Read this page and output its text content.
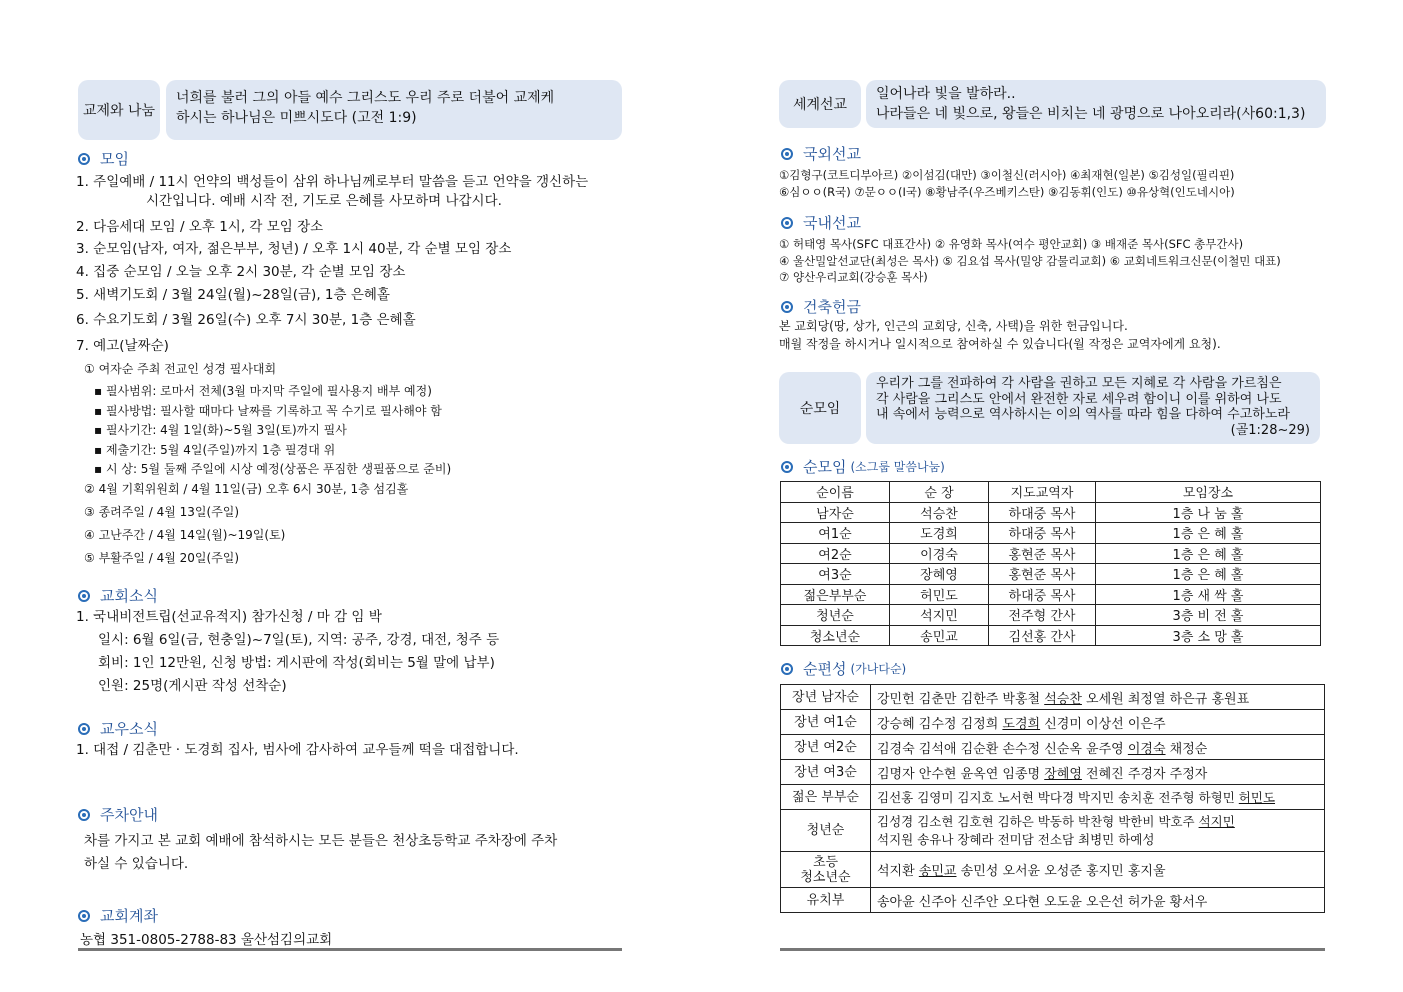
교제와 나눔
너희를 불러 그의 아들 예수 그리스도 우리 주로 더불어 교제케
하시는 하나님은 미쁘시도다 (고전 1:9)
모임
1. 주일예배 / 11시 언약의 백성들이 삼위 하나님께로부터 말씀을 듣고 언약을 갱신하는
시간입니다. 예배 시작 전, 기도로 은혜를 사모하며 나갑시다.
2. 다음세대 모임 / 오후 1시, 각 모임 장소
3. 순모임(남자, 여자, 젊은부부, 청년) / 오후 1시 40분, 각 순별 모임 장소
4. 집중 순모임 / 오늘 오후 2시 30분, 각 순별 모임 장소
5. 새벽기도회 / 3월 24일(월)~28일(금), 1층 은혜홀
6. 수요기도회 / 3월 26일(수) 오후 7시 30분, 1층 은혜홀
7. 예고(날짜순)
① 여자순 주최 전교인 성경 필사대회
▪ 필사범위: 로마서 전체(3월 마지막 주일에 필사용지 배부 예정)
▪ 필사방법: 필사할 때마다 날짜를 기록하고 꼭 수기로 필사해야 함
▪ 필사기간: 4월 1일(화)~5월 3일(토)까지 필사
▪ 제출기간: 5월 4일(주일)까지 1층 필경대 위
▪ 시 상: 5월 둘째 주일에 시상 예정(상품은 푸짐한 생필품으로 준비)
② 4월 기획위원회 / 4월 11일(금) 오후 6시 30분, 1층 섬김홀
③ 종려주일 / 4월 13일(주일)
④ 고난주간 / 4월 14일(월)~19일(토)
⑤ 부활주일 / 4월 20일(주일)
교회소식
1. 국내비전트립(선교유적지) 참가신청 / 마 감 임 박
일시: 6월 6일(금, 현충일)~7일(토), 지역: 공주, 강경, 대전, 청주 등
회비: 1인 12만원, 신청 방법: 게시판에 작성(회비는 5월 말에 납부)
인원: 25명(게시판 작성 선착순)
교우소식
1. 대접 / 김춘만 · 도경희 집사, 범사에 감사하여 교우들께 떡을 대접합니다.
주차안내
차를 가지고 본 교회 예배에 참석하시는 모든 분들은 천상초등학교 주차장에 주차
하실 수 있습니다.
교회계좌
농협 351-0805-2788-83 울산섬김의교회
세계선교
일어나라 빛을 발하라..
나라들은 네 빛으로, 왕들은 비치는 네 광명으로 나아오리라(사60:1,3)
국외선교
①김형구(코트디부아르) ②이섬김(대만) ③이철신(러시아) ④최재현(일본) ⑤김성일(필리핀)
⑥심ㅇㅇ(R국) ⑦문ㅇㅇ(I국) ⑧황남주(우즈베키스탄) ⑨김동휘(인도) ⑩유상혁(인도네시아)
국내선교
① 허태영 목사(SFC 대표간사) ② 유영화 목사(여수 평안교회) ③ 배재준 목사(SFC 총무간사)
④ 울산밀알선교단(최성은 목사) ⑤ 김요섭 목사(밀양 감물리교회) ⑥ 교회네트워크신문(이철민 대표)
⑦ 양산우리교회(강승훈 목사)
건축헌금
본 교회당(땅, 상가, 인근의 교회당, 신축, 사택)을 위한 헌금입니다.
매월 작정을 하시거나 일시적으로 참여하실 수 있습니다(월 작정은 교역자에게 요청).
순모임
우리가 그를 전파하여 각 사람을 권하고 모든 지혜로 각 사람을 가르침은
각 사람을 그리스도 안에서 완전한 자로 세우려 함이니 이를 위하여 나도
내 속에서 능력으로 역사하시는 이의 역사를 따라 힘을 다하여 수고하노라
(골1:28~29)
순모임 (소그룹 말씀나눔)
순이름	순 장	지도교역자	모임장소
남자순	석승찬	하대중 목사	1층 나 눔 홀
여1순	도경희	하대중 목사	1층 은 혜 홀
여2순	이경숙	홍현준 목사	1층 은 혜 홀
여3순	장혜영	홍현준 목사	1층 은 혜 홀
젊은부부순	허민도	하대중 목사	1층 새 싹 홀
청년순	석지민	전주형 간사	3층 비 전 홀
청소년순	송민교	김선홍 간사	3층 소 망 홀
순편성 (가나다순)
장년 남자순	강민헌 김춘만 김한주 박홍철 석승찬 오세원 최정열 하은규 홍원표
장년 여1순	강승혜 김수정 김정희 도경희 신경미 이상선 이은주
장년 여2순	김경숙 김석애 김순환 손수정 신순옥 윤주영 이경숙 채정순
장년 여3순	김명자 안수현 윤옥연 임종명 장혜영 전혜진 주경자 주정자
젊은 부부순	김선홍 김영미 김지호 노서현 박다경 박지민 송치훈 전주형 하형민 허민도
청년순	김성경 김소현 김호현 김하은 박동하 박찬형 박한비 박호주 석지민
석지원 송유나 장혜라 전미담 전소담 최병민 하예성

초등
청소년순	석지환 송민교 송민성 오서윤 오성준 홍지민 홍지울
유치부	송아윤 신주아 신주안 오다현 오도윤 오은선 허가윤 황서우
